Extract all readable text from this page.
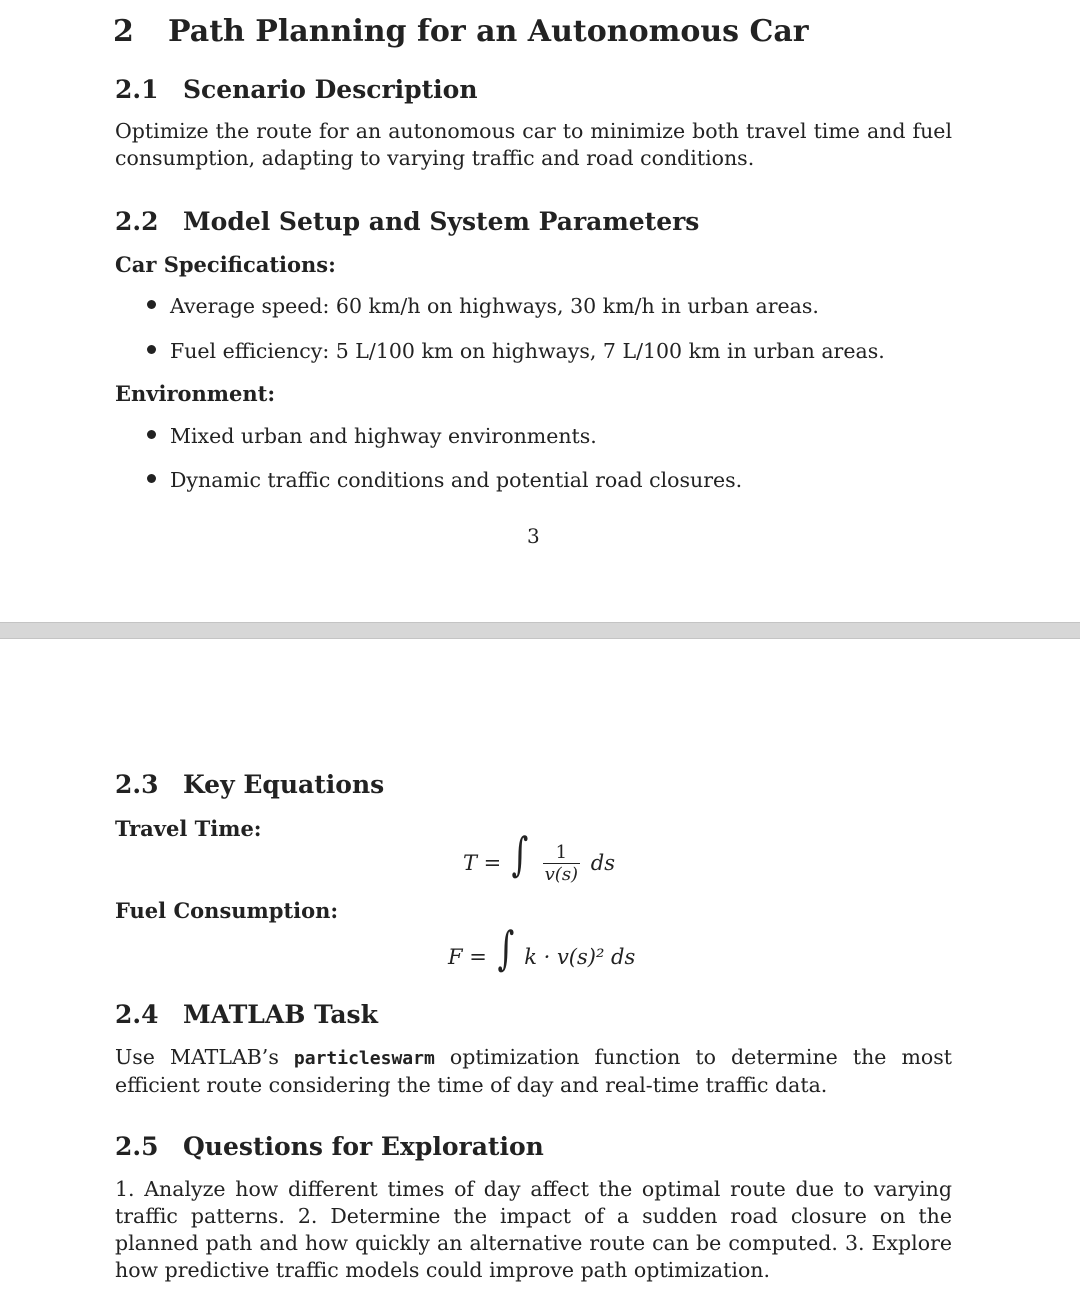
2 Path Planning for an Autonomous Car
2.1 Scenario Description
Optimize the route for an autonomous car to minimize both travel time and fuel consumption, adapting to varying traffic and road conditions.
2.2 Model Setup and System Parameters
Car Specifications:
Average speed: 60 km/h on highways, 30 km/h in urban areas.
Fuel efficiency: 5 L/100 km on highways, 7 L/100 km in urban areas.
Environment:
Mixed urban and highway environments.
Dynamic traffic conditions and potential road closures.
3
2.3 Key Equations
Travel Time:
T = ∫ $\frac{1}{v(s)}$ ds
Fuel Consumption:
F = ∫ k · v(s)² ds
2.4 MATLAB Task
Use MATLAB’s particleswarm optimization function to determine the most efficient route considering the time of day and real-time traffic data.
2.5 Questions for Exploration
1. Analyze how different times of day affect the optimal route due to varying traffic patterns. 2. Determine the impact of a sudden road closure on the planned path and how quickly an alternative route can be computed. 3. Explore how predictive traffic models could improve path optimization.
